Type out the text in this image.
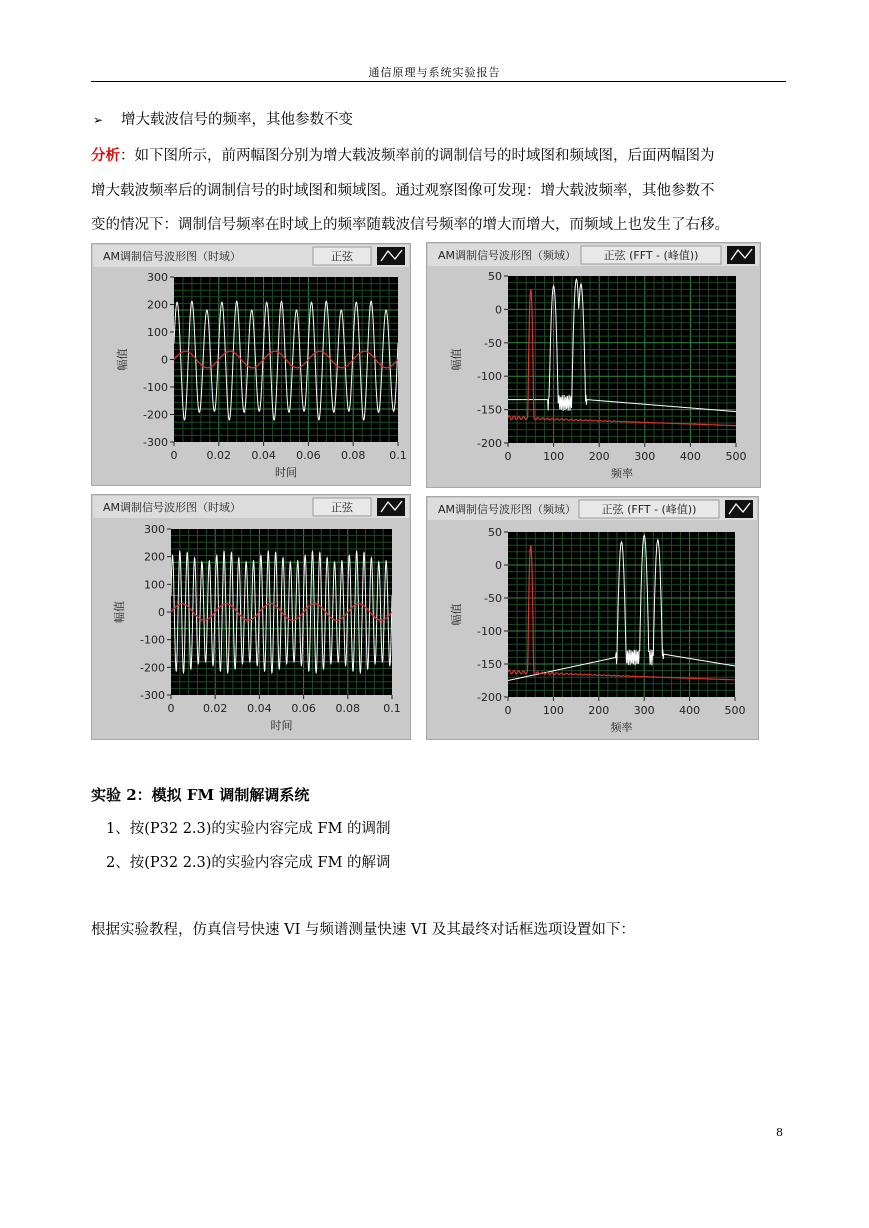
通信原理与系统实验报告
➢ 增大载波信号的频率，其他参数不变
分析：如下图所示，前两幅图分别为增大载波频率前的调制信号的时域图和频域图，后面两幅图为
增大载波频率后的调制信号的时域图和频域图。通过观察图像可发现：增大载波频率，其他参数不
变的情况下：调制信号频率在时域上的频率随载波信号频率的增大而增大，而频域上也发生了右移。
AM调制信号波形图（时域）	正弦
300
200
100
0
-100
-200
-300
0	0.02 0.04 0.06 0.08 0.1
时间
幅值
AM调制信号波形图（频域）	正弦 (FFT - (峰值))
50
0
-50
-100
-150
-200
0	100 200 300 400 500
频率
幅值
AM调制信号波形图（时域）	正弦
300
200
100
0
-100
-200
-300
0	0.02 0.04 0.06 0.08 0.1
时间
幅值
AM调制信号波形图（频域） 正弦 (FFT - (峰值))
50
0
-50
-100
-150
-200
0	100 200 300 400 500
频率
幅值
实验 2：模拟 FM 调制解调系统
1、按(P32 2.3)的实验内容完成 FM 的调制
2、按(P32 2.3)的实验内容完成 FM 的解调
根据实验教程，仿真信号快速 VI 与频谱测量快速 VI 及其最终对话框选项设置如下：
8
